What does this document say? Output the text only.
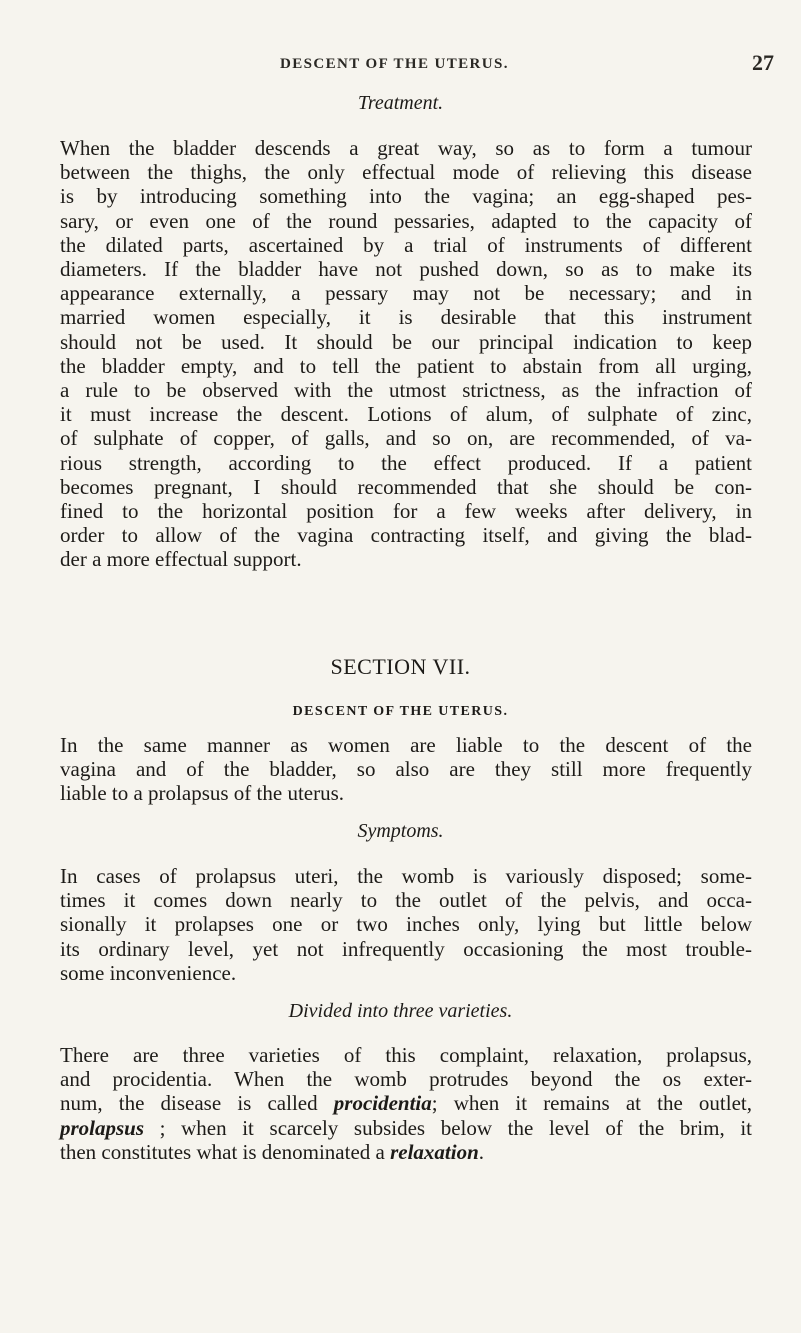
DESCENT OF THE UTERUS.	27
Treatment.
When the bladder descends a great way, so as to form a tumour
between the thighs, the only effectual mode of relieving this disease
is by introducing something into the vagina; an egg-shaped pes-
sary, or even one of the round pessaries, adapted to the capacity of
the dilated parts, ascertained by a trial of instruments of different
diameters. If the bladder have not pushed down, so as to make its
appearance externally, a pessary may not be necessary; and in
married women especially, it is desirable that this instrument
should not be used. It should be our principal indication to keep
the bladder empty, and to tell the patient to abstain from all urging,
a rule to be observed with the utmost strictness, as the infraction of
it must increase the descent. Lotions of alum, of sulphate of zinc,
of sulphate of copper, of galls, and so on, are recommended, of va-
rious strength, according to the effect produced. If a patient
becomes pregnant, I should recommended that she should be con-
fined to the horizontal position for a few weeks after delivery, in
order to allow of the vagina contracting itself, and giving the blad-
der a more effectual support.
SECTION VII.
DESCENT OF THE UTERUS.
In the same manner as women are liable to the descent of the
vagina and of the bladder, so also are they still more frequently
liable to a prolapsus of the uterus.
Symptoms.
In cases of prolapsus uteri, the womb is variously disposed; some-
times it comes down nearly to the outlet of the pelvis, and occa-
sionally it prolapses one or two inches only, lying but little below
its ordinary level, yet not infrequently occasioning the most trouble-
some inconvenience.
Divided into three varieties.
There are three varieties of this complaint, relaxation, prolapsus,
and procidentia. When the womb protrudes beyond the os exter-
num, the disease is called procidentia; when it remains at the outlet,
prolapsus ; when it scarcely subsides below the level of the brim, it
then constitutes what is denominated a relaxation.
